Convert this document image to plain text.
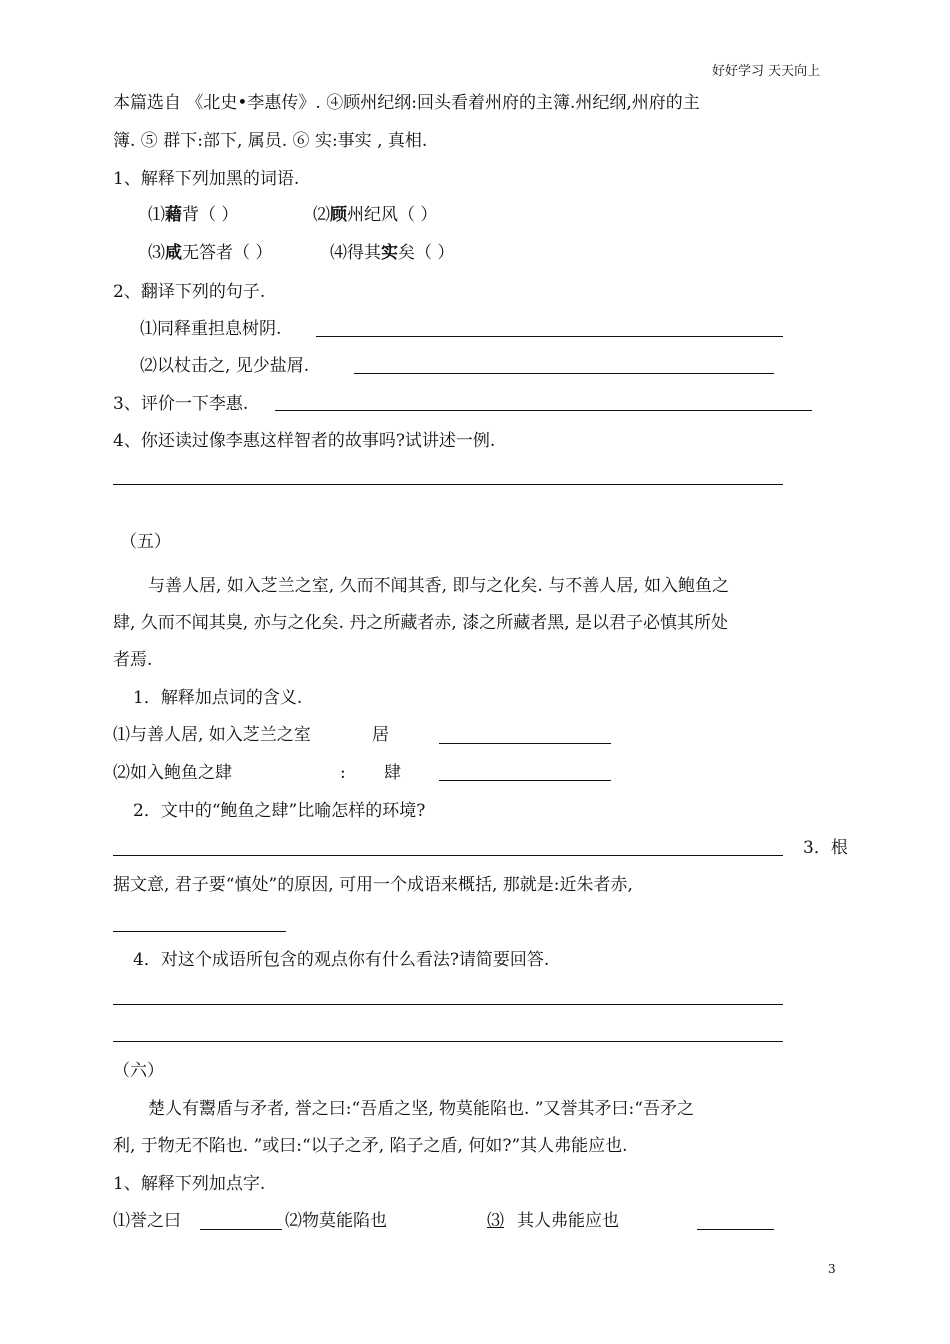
好好学习 天天向上
本篇选自 《北史•李惠传》. ④顾州纪纲:回头看着州府的主簿.州纪纲,州府的主
簿. ⑤ 群下:部下, 属员. ⑥ 实:事实 , 真相.
1、解释下列加黑的词语.
⑴藉背（ ）	⑵顾州纪风（ ）
⑶咸无答者（ ）	⑷得其实矣（ ）
2、翻译下列的句子.
⑴同释重担息树阴.
⑵以杖击之, 见少盐屑.
3、评价一下李惠.
4、你还读过像李惠这样智者的故事吗?试讲述一例.
（五）
与善人居, 如入芝兰之室, 久而不闻其香, 即与之化矣. 与不善人居, 如入鲍鱼之
肆, 久而不闻其臭, 亦与之化矣. 丹之所藏者赤, 漆之所藏者黑, 是以君子必慎其所处
者焉.
1．解释加点词的含义.
⑴与善人居, 如入芝兰之室	居
⑵如入鲍鱼之肆	: 肆
2．文中的“鲍鱼之肆”比喻怎样的环境?
3．根
据文意, 君子要“慎处”的原因, 可用一个成语来概括, 那就是:近朱者赤,
4．对这个成语所包含的观点你有什么看法?请简要回答.
（六）
楚人有鬻盾与矛者, 誉之曰:“吾盾之坚, 物莫能陷也. ”又誉其矛曰:“吾矛之
利, 于物无不陷也. ”或曰:“以子之矛, 陷子之盾, 何如?”其人弗能应也.
1、解释下列加点字.
⑴誉之曰	⑵物莫能陷也	⑶ 其人弗能应也
3
